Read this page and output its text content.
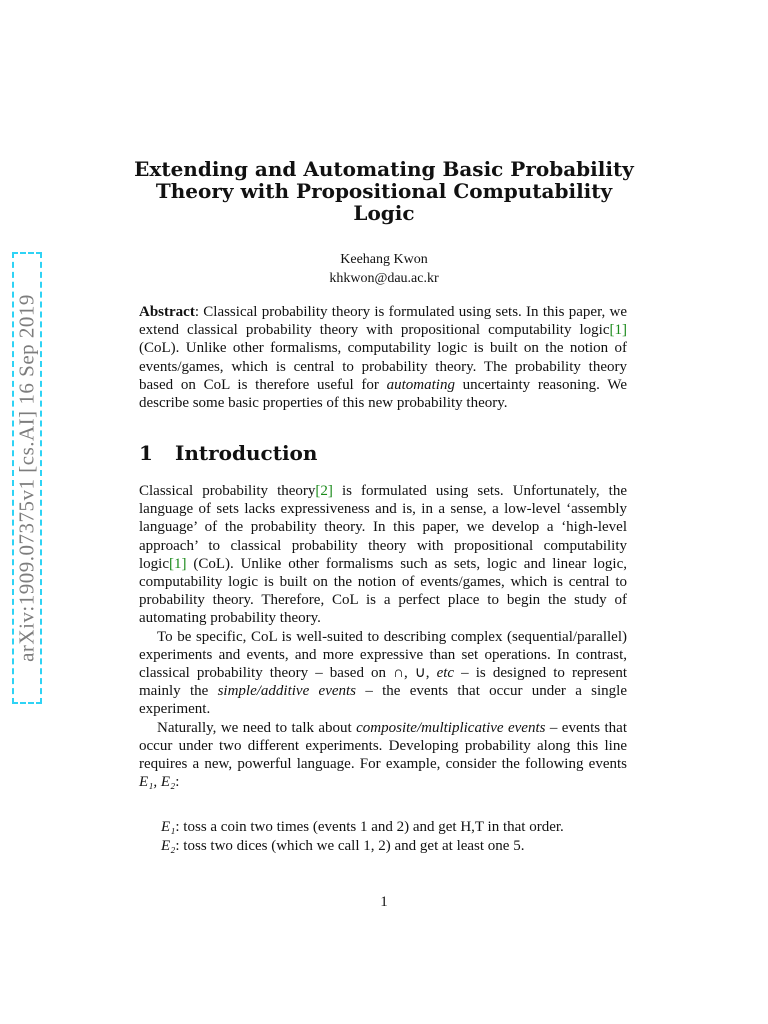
arXiv:1909.07375v1 [cs.AI] 16 Sep 2019
Extending and Automating Basic Probability Theory with Propositional Computability Logic
Keehang Kwon
khkwon@dau.ac.kr

Abstract: Classical probability theory is formulated using sets. In this paper, we extend classical probability theory with propositional computability logic[1] (CoL). Unlike other formalisms, computability logic is built on the notion of events/games, which is central to probability theory. The probability theory based on CoL is therefore useful for automating uncertainty reasoning. We describe some basic properties of this new probability theory.

1 Introduction

Classical probability theory[2] is formulated using sets. Unfortunately, the language of sets lacks expressiveness and is, in a sense, a low-level ‘assembly language’ of the probability theory. In this paper, we develop a ‘high-level approach’ to classical probability theory with propositional computability logic[1] (CoL). Unlike other formalisms such as sets, logic and linear logic, computability logic is built on the notion of events/games, which is central to probability theory. Therefore, CoL is a perfect place to begin the study of automating probability theory.

To be specific, CoL is well-suited to describing complex (sequential/parallel) experiments and events, and more expressive than set operations. In contrast, classical probability theory – based on ∩, ∪, etc – is designed to represent mainly the simple/additive events – the events that occur under a single experiment.

Naturally, we need to talk about composite/multiplicative events – events that occur under two different experiments. Developing probability along this line requires a new, powerful language. For example, consider the following events E₁, E₂:

E₁: toss a coin two times (events 1 and 2) and get H,T in that order.
E₂: toss two dices (which we call 1, 2) and get at least one 5.
1
